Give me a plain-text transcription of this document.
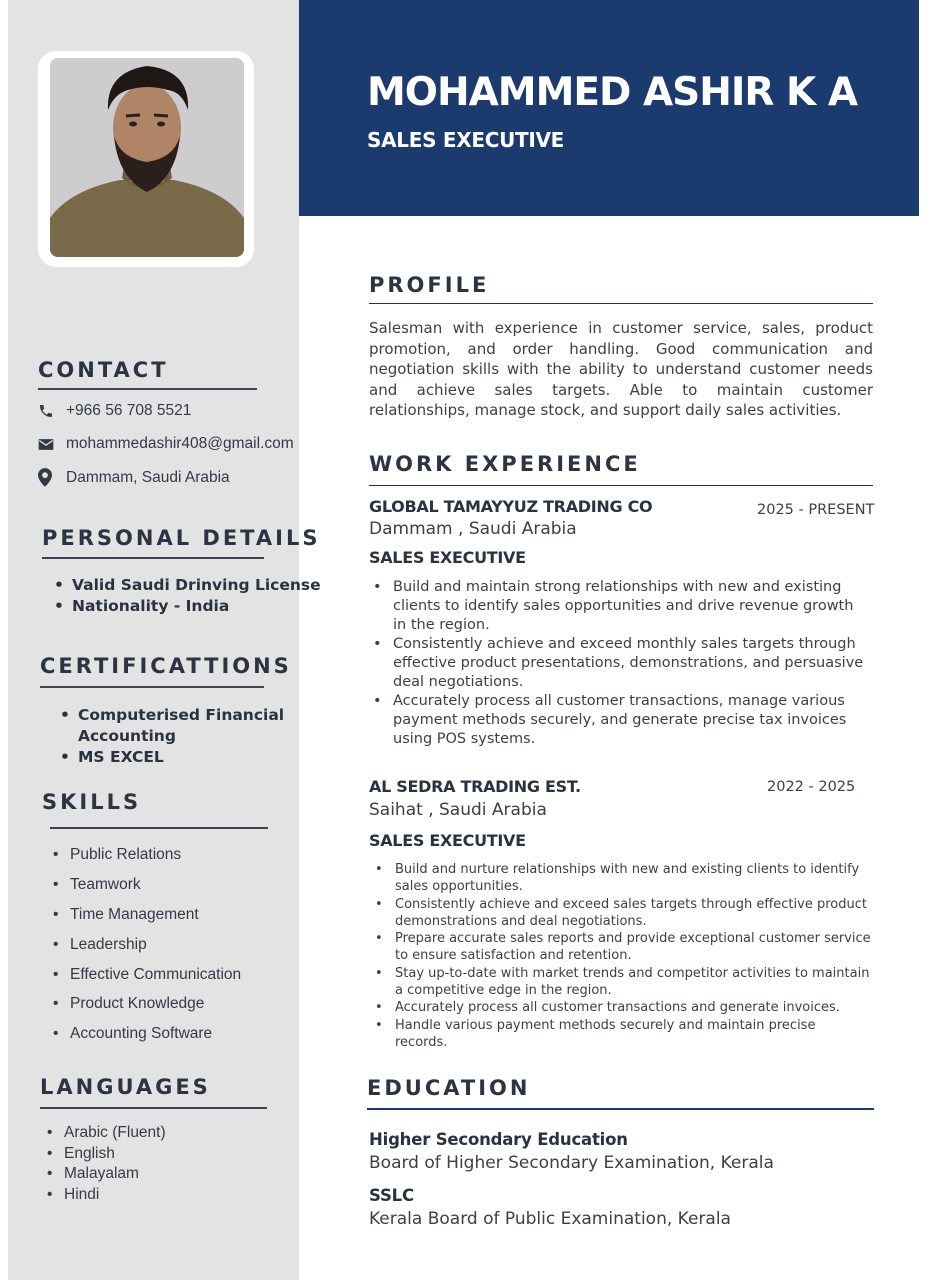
MOHAMMED ASHIR K A
SALES EXECUTIVE
CONTACT
+966 56 708 5521
mohammedashir408@gmail.com
Dammam, Saudi Arabia
PERSONAL DETAILS
• Valid Saudi Drinving License
• Nationality - India
CERTIFICATTIONS
• Computerised Financial
Accounting
• MS EXCEL
SKILLS
• Public Relations
• Teamwork
• Time Management
• Leadership
• Effective Communication
• Product Knowledge
• Accounting Software
LANGUAGES
• Arabic (Fluent)
• English
• Malayalam
• Hindi
PROFILE

Salesman with experience in customer service, sales, product promotion, and order handling. Good communication and negotiation skills with the ability to understand customer needs and achieve sales targets. Able to maintain customer relationships, manage stock, and support daily sales activities.

WORK EXPERIENCE
GLOBAL TAMAYYUZ TRADING CO	2025 - PRESENT
Dammam , Saudi Arabia
SALES EXECUTIVE
• Build and maintain strong relationships with new and existing clients to identify sales opportunities and drive revenue growth in the region.
• Consistently achieve and exceed monthly sales targets through effective product presentations, demonstrations, and persuasive deal negotiations.
• Accurately process all customer transactions, manage various payment methods securely, and generate precise tax invoices using POS systems.
AL SEDRA TRADING EST.	2022 - 2025
Saihat , Saudi Arabia
SALES EXECUTIVE
• Build and nurture relationships with new and existing clients to identify sales opportunities.
• Consistently achieve and exceed sales targets through effective product demonstrations and deal negotiations.
• Prepare accurate sales reports and provide exceptional customer service to ensure satisfaction and retention.
• Stay up-to-date with market trends and competitor activities to maintain a competitive edge in the region.
• Accurately process all customer transactions and generate invoices.
• Handle various payment methods securely and maintain precise records.
EDUCATION
Higher Secondary Education
Board of Higher Secondary Examination, Kerala
SSLC
Kerala Board of Public Examination, Kerala
